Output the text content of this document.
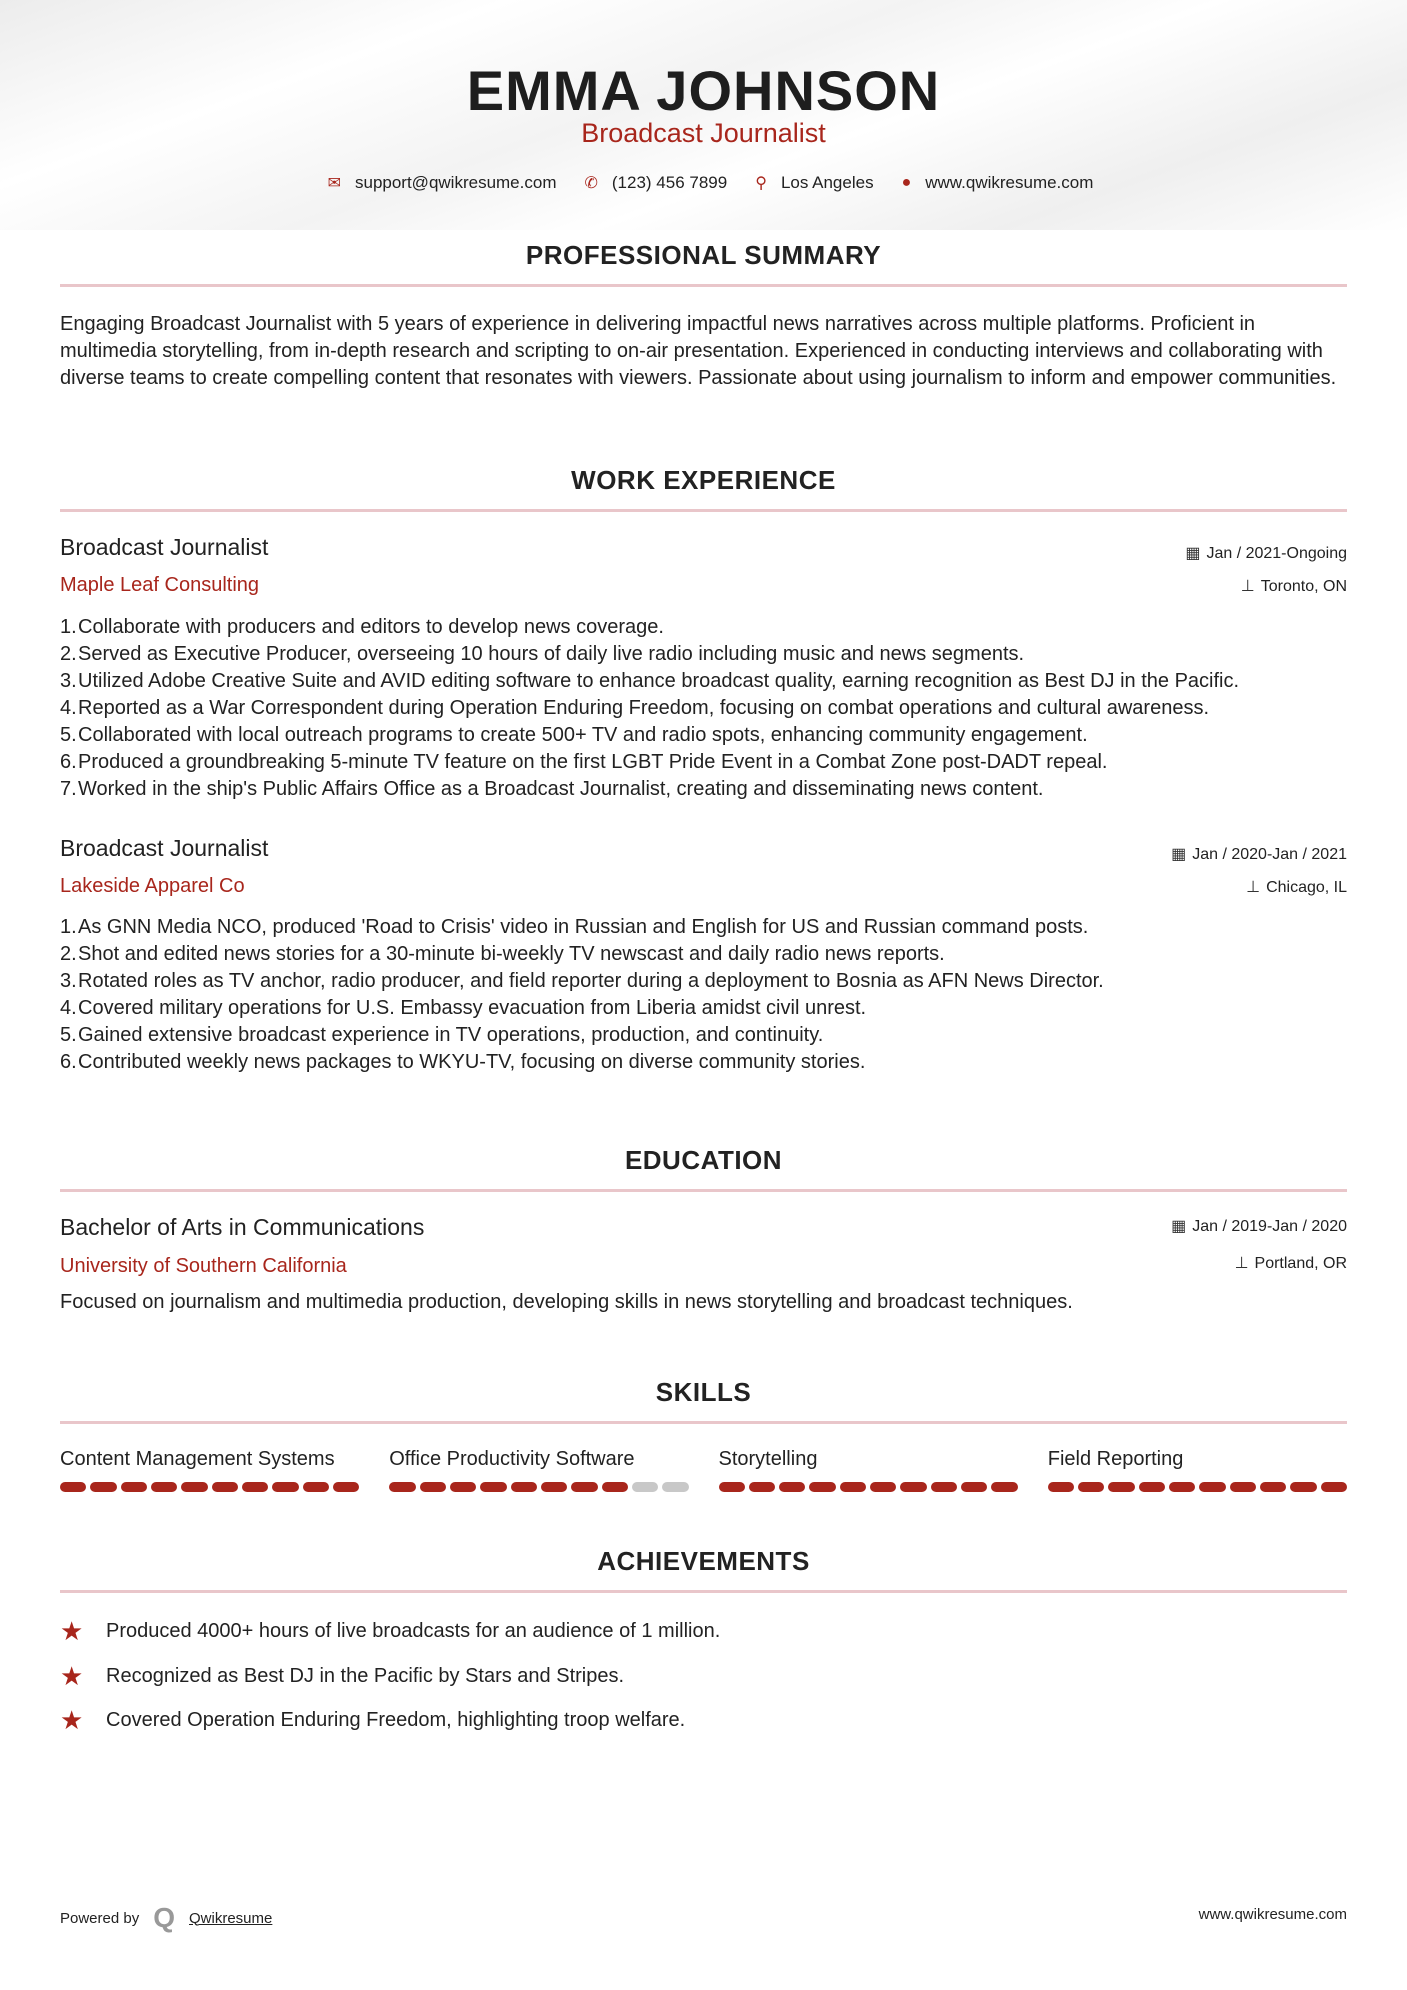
EMMA JOHNSON
Broadcast Journalist
✉ support@qwikresume.com ✆ (123) 456 7899 ⚲ Los Angeles ● www.qwikresume.com
PROFESSIONAL SUMMARY
Engaging Broadcast Journalist with 5 years of experience in delivering impactful news narratives across multiple platforms. Proficient in multimedia storytelling, from in-depth research and scripting to on-air presentation. Experienced in conducting interviews and collaborating with diverse teams to create compelling content that resonates with viewers. Passionate about using journalism to inform and empower communities.
WORK EXPERIENCE
Broadcast Journalist
Maple Leaf Consulting
▦ Jan / 2021-Ongoing
⊥ Toronto, ON
1.Collaborate with producers and editors to develop news coverage.
2.Served as Executive Producer, overseeing 10 hours of daily live radio including music and news segments.
3.Utilized Adobe Creative Suite and AVID editing software to enhance broadcast quality, earning recognition as Best DJ in the Pacific.
4.Reported as a War Correspondent during Operation Enduring Freedom, focusing on combat operations and cultural awareness.
5.Collaborated with local outreach programs to create 500+ TV and radio spots, enhancing community engagement.
6.Produced a groundbreaking 5-minute TV feature on the first LGBT Pride Event in a Combat Zone post-DADT repeal.
7.Worked in the ship's Public Affairs Office as a Broadcast Journalist, creating and disseminating news content.
Broadcast Journalist
Lakeside Apparel Co
▦ Jan / 2020-Jan / 2021
⊥ Chicago, IL
1.As GNN Media NCO, produced 'Road to Crisis' video in Russian and English for US and Russian command posts.
2.Shot and edited news stories for a 30-minute bi-weekly TV newscast and daily radio news reports.
3.Rotated roles as TV anchor, radio producer, and field reporter during a deployment to Bosnia as AFN News Director.
4.Covered military operations for U.S. Embassy evacuation from Liberia amidst civil unrest.
5.Gained extensive broadcast experience in TV operations, production, and continuity.
6.Contributed weekly news packages to WKYU-TV, focusing on diverse community stories.
EDUCATION
Bachelor of Arts in Communications
University of Southern California
▦ Jan / 2019-Jan / 2020
⊥ Portland, OR
Focused on journalism and multimedia production, developing skills in news storytelling and broadcast techniques.
SKILLS
Content Management Systems	Office Productivity Software	Storytelling	Field Reporting
ACHIEVEMENTS
★	Produced 4000+ hours of live broadcasts for an audience of 1 million.
★	Recognized as Best DJ in the Pacific by Stars and Stripes.
★	Covered Operation Enduring Freedom, highlighting troop welfare.
Powered by Q Qwikresume	www.qwikresume.com
